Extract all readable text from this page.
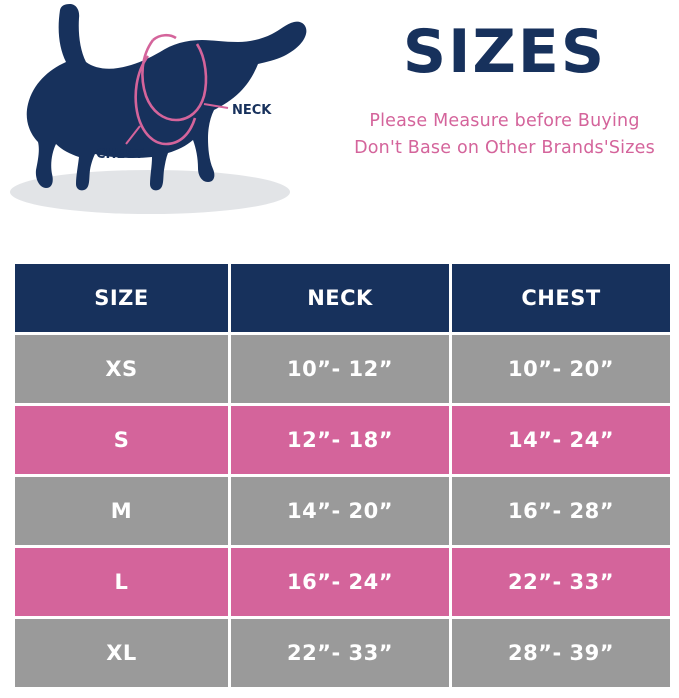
NECK
CHEST
SIZES
Please Measure before Buying
Don't Base on Other Brands'Sizes
SIZE	NECK	CHEST
XS	10”- 12”	10”- 20”
S	12”- 18”	14”- 24”
M	14”- 20”	16”- 28”
L	16”- 24”	22”- 33”
XL	22”- 33”	28”- 39”
